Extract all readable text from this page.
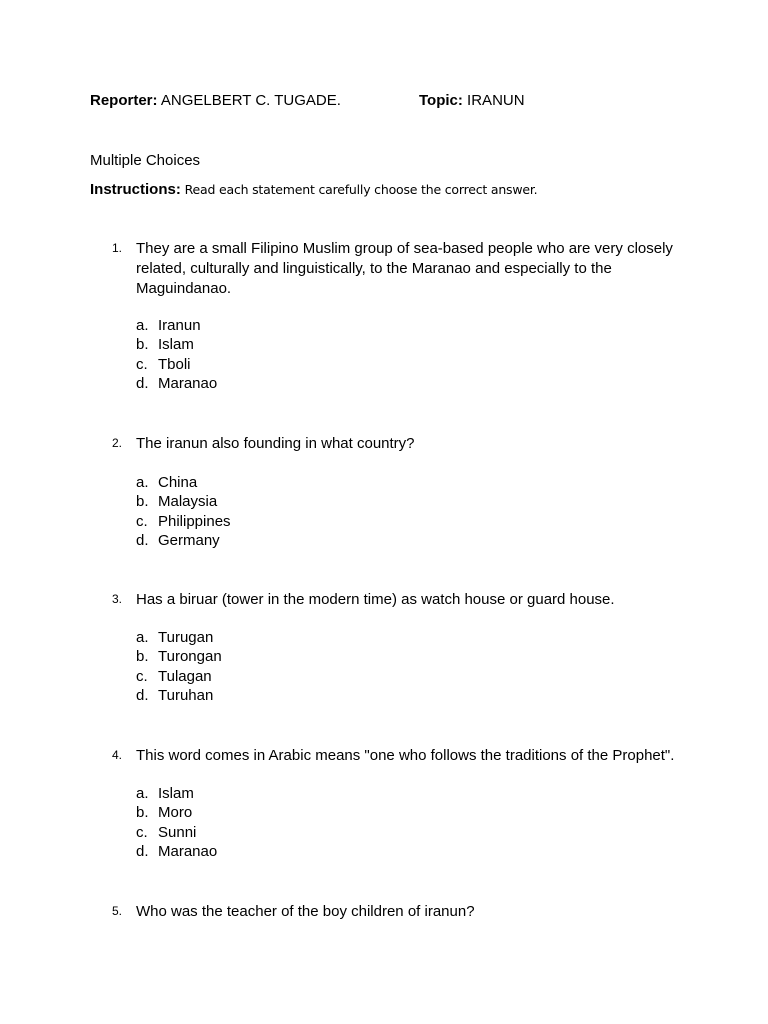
Reporter: ANGELBERT C. TUGADE.	Topic: IRANUN
Multiple Choices
Instructions: Read each statement carefully choose the correct answer.
1. They are a small Filipino Muslim group of sea-based people who are very closely related, culturally and linguistically, to the Maranao and especially to the Maguindanao.
a. Iranun
b. Islam
c. Tboli
d. Maranao
2. The iranun also founding in what country?
a. China
b. Malaysia
c. Philippines
d. Germany
3. Has a biruar (tower in the modern time) as watch house or guard house.
a. Turugan
b. Turongan
c. Tulagan
d. Turuhan
4. This word comes in Arabic means "one who follows the traditions of the Prophet".
a. Islam
b. Moro
c. Sunni
d. Maranao
5. Who was the teacher of the boy children of iranun?
